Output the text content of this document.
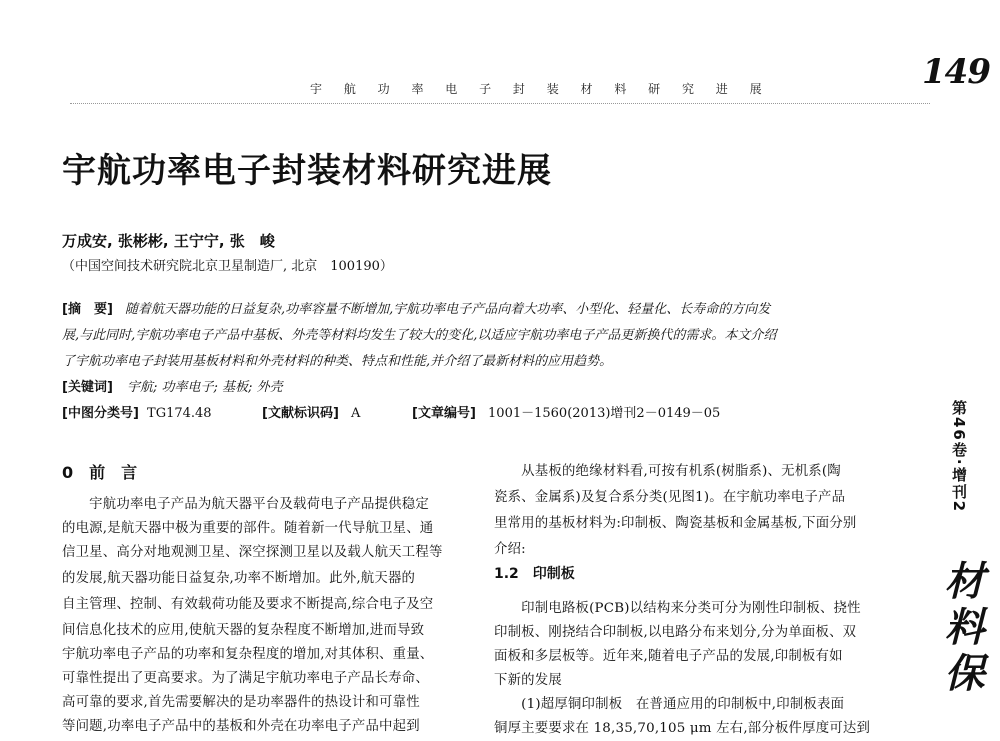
宇 航 功 率 电 子 封 装 材 料 研 究 进 展	149
宇航功率电子封装材料研究进展
万成安, 张彬彬, 王宁宁, 张　峻
（中国空间技术研究院北京卫星制造厂, 北京　100190）
[摘　要] 随着航天器功能的日益复杂,功率容量不断增加,宇航功率电子产品向着大功率、小型化、轻量化、长寿命的方向发
展,与此同时,宇航功率电子产品中基板、外壳等材料均发生了较大的变化,以适应宇航功率电子产品更新换代的需求。本文介绍
了宇航功率电子封装用基板材料和外壳材料的种类、特点和性能,并介绍了最新材料的应用趋势。
[关键词] 宇航; 功率电子; 基板; 外壳
[中图分类号] TG174.48	[文献标识码] A	[文章编号] 1001－1560(2013)增刊2－0149－05
0　前　言
　　宇航功率电子产品为航天器平台及载荷电子产品提供稳定
的电源,是航天器中极为重要的部件。随着新一代导航卫星、通
信卫星、高分对地观测卫星、深空探测卫星以及载人航天工程等
的发展,航天器功能日益复杂,功率不断增加。此外,航天器的
自主管理、控制、有效载荷功能及要求不断提高,综合电子及空
间信息化技术的应用,使航天器的复杂程度不断增加,进而导致
宇航功率电子产品的功率和复杂程度的增加,对其体积、重量、
可靠性提出了更高要求。为了满足宇航功率电子产品长寿命、
高可靠的要求,首先需要解决的是功率器件的热设计和可靠性
等问题,功率电子产品中的基板和外壳在功率电子产品中起到
　　从基板的绝缘材料看,可按有机系(树脂系)、无机系(陶
瓷系、金属系)及复合系分类(见图1)。在宇航功率电子产品
里常用的基板材料为:印制板、陶瓷基板和金属基板,下面分别
介绍:
1.2　印制板
　　印制电路板(PCB)以结构来分类可分为刚性印制板、挠性
印制板、刚挠结合印制板,以电路分布来划分,分为单面板、双
面板和多层板等。近年来,随着电子产品的发展,印制板有如
下新的发展
　　(1)超厚铜印制板　在普通应用的印制板中,印制板表面
铜厚主要要求在 18,35,70,105 μm 左右,部分板件厚度可达到
第46卷·增刊2
材料保
